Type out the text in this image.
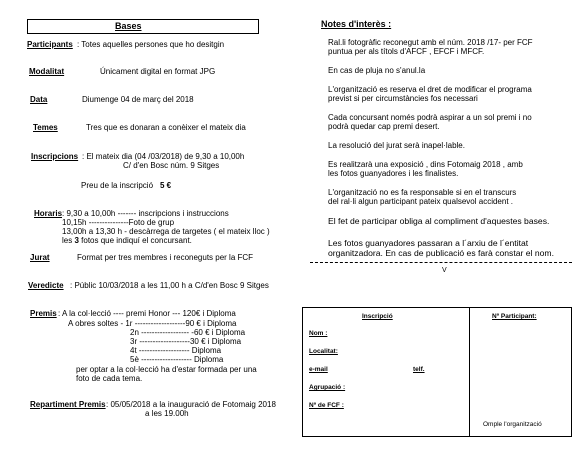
Bases
Participants : Totes aquelles persones que ho desitgin
Modalitat	Únicament digital en format JPG
Data	Diumenge 04 de març del 2018
Temes	Tres que es donaran a conèixer el mateix dia
Inscripcions : El mateix dia (04 /03/2018) de 9,30 a 10,00h
C/ d'en Bosc núm. 9 Sitges
Preu de la inscripció 5 €
Horaris : 9,30 a 10,00h ------- inscripcions i instruccions
10,15h ---------------Foto de grup
13,00h a 13,30 h - descàrrega de targetes ( el mateix lloc )
les 3 fotos que indiquí el concursant.
Jurat	Format per tres membres i reconeguts per la FCF
Veredicte : Públic 10/03/2018 a les 11,00 h a C/d'en Bosc 9 Sitges
Premis : A la col·lecció ---- premi Honor --- 120€ i Diploma
A obres soltes - 1r -------------------90 € i Diploma
2n ------------------ -60 € i Diploma
3r -------------------30 € i Diploma
4t ------------------- Diploma
5è ------------------- Diploma
per optar a la col·lecció ha d'estar formada per una
foto de cada tema.
Repartiment Premis : 05/05/2018 a la inauguració de Fotomaig 2018
a les 19.00h
Notes d'interès :
Ral.li fotogràfic reconegut amb el núm. 2018 /17- per FCF
puntua per als títols d'AFCF , EFCF i MFCF.
En cas de pluja no s'anul.la
L'organització es reserva el dret de modificar el programa
previst si per circumstàncies fos necessari
Cada concursant només podrà aspirar a un sol premi i no
podrà quedar cap premi desert.
La resolució del jurat serà inapel·lable.
Es realitzarà una exposició , dins Fotomaig 2018 , amb
les fotos guanyadores i les finalistes.
L'organització no es fa responsable si en el transcurs
del ral·li algun participant pateix qualsevol accident .
El fet de participar obliga al compliment d'aquestes bases.
Les fotos guanyadores passaran a l´arxiu de l´entitat
organitzadora. En cas de publicació es farà constar el nom.
V
Inscripció
Nom :
Localitat:
e-mail	telf.
Agrupació :
Nº de FCF :
Nº Participant:
Omple l'organització
